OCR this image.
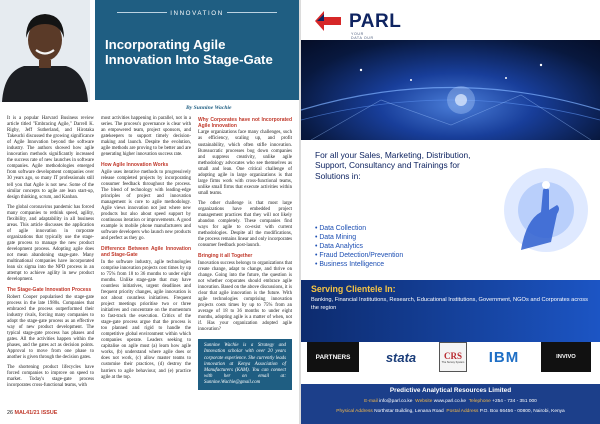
INNOVATION
Incorporating Agile Innovation Into Stage-Gate
By Sunnine Wachie

It is a popular Harvard Business review article titled "Embracing Agile," Darrell K. Rigby, Jeff Sutherland, and Hirotaka Takeuchi discussed the growing significance of Agile Innovation beyond the software industry. The authors showed how agile innovation methods significantly increased the success rate of new launches in software companies. Agile methodologies emerged from software development companies over 30 years ago, so many IT professionals still tell you that Agile is not new. Some of the similar concepts to agile are lean start-up, design thinking, scrum, and Kanban.

The global coronavirus pandemic has forced many companies to rethink speed, agility, flexibility, and adaptability in all business areas. This article discusses the application of agile innovation in corporate organizations that typically use the stage-gate process to manage the new product development process. Adopting agile does not mean abandoning stage-gate. Many multinational companies have incorporated lean six sigma into the NPD process in an attempt to achieve agility in new product development.

The Stage-Gate Innovation Process

Robert Cooper popularised the stage-gate process in the late 1980s. Companies that embraced the process outperformed their industry rivals, forcing many companies to adopt the stage-gate process as an effective way of new product development. The typical stage-gate process has phases and gates. All the activities happen within the phases, and the gates act as decision points. Approval to move from one phase to another is given through the decision gates.

The shortening product lifecycles have forced companies to improve on speed to market. Today's stage-gate process incorporates cross-functional teams, with

most activities happening in parallel, not in a series. The process's governance is clear with an empowered team, project sponsors, and gatekeepers to support timely decision-making and launch. Despite the evolution, agile methods are proving to be better and are generating higher innovation success rate.

How Agile Innovation Works

Agile uses iterative methods to progressively release completed projects by incorporating consumer feedback throughout the process. The blend of technology with leading-edge principles of project and innovation management is core to agile methodology. Agile views innovation not just where new products but also about speed support by continuous iteration or improvements. A good example is mobile phone manufacturers and software developers who launch new products and perfect as they go.

Difference Between Agile Innovation and Stage-Gate

In the software industry, agile technologies comprise innovation projects cost times by up to 75% from 18 to 36 months to under eight months. Unlike stage-gate that may have countless initiatives, urgent deadlines and frequent priority changes, agile innovation is not about countless initiatives. Frequent project meetings prioritise two or three initiatives and concentrate on the momentum to fast-track the execution. Critics of the stage-gate process argue that the process is too planned and rigid to handle the competitive global environment within which companies operate. Leaders seeking to capitalise on agile must (a) learn how agile works, (b) understand where agile does or does not work, (c) allow master teams to customise their practices, (d) destroy the barriers to agile behaviour, and (e) practice agile at the top.

Why Corporates have not Incorporated Agile Innovation

Large organizations face many challenges, such as efficiency, scaling up, and profit sustainability, which often stifle innovation. Bureaucratic processes bog down companies and suppress creativity, unlike agile methodology advocates who see themselves as small and lean. One critical challenge of adopting agile in large organizations is that large firms work with cross-functional teams, unlike small firms that execute activities within small teams.

The other challenge is that most large organizations have embedded project management practices that they will not likely abandon completely. These companies find ways for agile to co-exist with current methodologies. Despite all the modifications, the process remains linear and only incorporates consumer feedback post-launch.

Bringing it all Together

Innovation success belongs to organizations that create change, adapt to change, and thrive on change. Going into the future, the question is not whether corporates should embrace agile innovation. Based on the above discussions, it is clear that agile innovation is the future. With agile technologies comprising innovation projects costs times by up to 75% from an average of 18 to 36 months to under eight months, adopting agile is a matter of when, not if. Has your organization adopted agile innovation?

Sunnine Wachie is a Strategy and Innovation scholar with over 20 years corporate experience. She currently leads innovation at Kenya Association of Manufacturers (KAM). You can connect with her on email at: Sunnine.Wachie@gmail.com
26 MAL41/21 ISSUE
PARL
YOUR DATA OUR
For all your Sales, Marketing, Distribution, Support, Consultancy and Trainings for Solutions in:
• Data Collection
• Data Mining
• Data Analytics
• Fraud Detection/Prevention
• Business Intelligence
Serving Clientele In:
Banking, Financial Institutions, Research, Educational Institutions, Government, NGOs and Corporates across the region
PARTNERS	stata	CRS
The Survey System	IBM	INVIVO
Predictive Analytical Resources Limited
E-mail info@parl.co.ke Website www.parl.co.ke Telephone +254 - 734 - 351 000
Physical Address Northstar Building, Lenana Road Postal Address P.O. Box 66456 - 00800, Nairobi, Kenya
